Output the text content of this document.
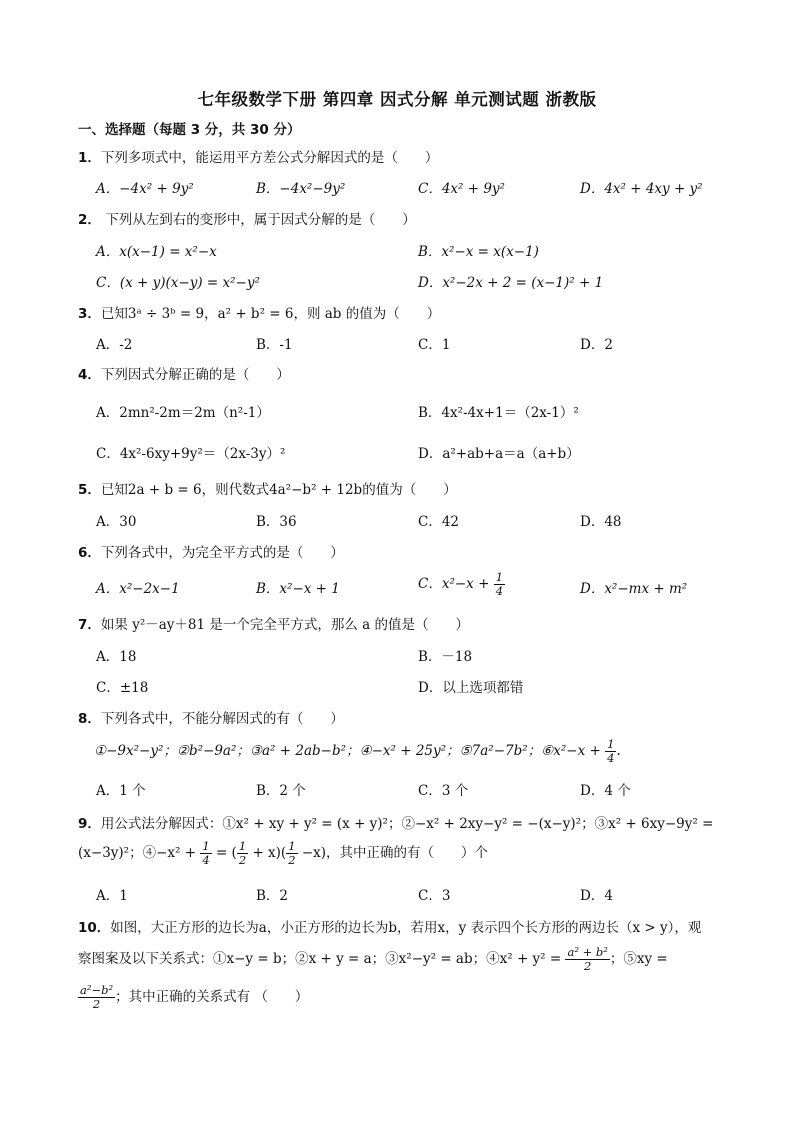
七年级数学下册 第四章 因式分解 单元测试题 浙教版
一、选择题（每题 3 分，共 30 分）
1．下列多项式中，能运用平方差公式分解因式的是（　　）
A．−4x² + 9y²	B．−4x²−9y²	C．4x² + 9y²	D．4x² + 4xy + y²
2． 下列从左到右的变形中，属于因式分解的是（　　）
A．x(x−1) = x²−x	B．x²−x = x(x−1)
C．(x + y)(x−y) = x²−y²	D．x²−2x + 2 = (x−1)² + 1
3．已知3ᵃ ÷ 3ᵇ = 9，a² + b² = 6，则 ab 的值为（　　）
A．-2	B．-1	C．1	D．2
4．下列因式分解正确的是（　　）
A．2mn²-2m＝2m（n²-1）	B．4x²-4x+1＝（2x-1）²
C．4x²-6xy+9y²＝（2x-3y）²	D．a²+ab+a＝a（a+b）
5．已知2a + b = 6，则代数式4a²−b² + 12b的值为（　　）
A．30	B．36	C．42	D．48
6．下列各式中，为完全平方式的是（　　）
A．x²−2x−1	B．x²−x + 1	C．$x^2-x + \frac{1}{4}$	D．x²−mx + m²
7．如果 y²－ay＋81 是一个完全平方式，那么 a 的值是（　　）
A．18	B．－18
C．±18	D．以上选项都错
8．下列各式中，不能分解因式的有（　　）
①−9x²−y²；②b²−9a²；③a² + 2ab−b²；④−x² + 25y²；⑤7a²−7b²；⑥x²−x + $\frac{1}{4}$ .
A．1 个	B．2 个	C．3 个	D．4 个
9．用公式法分解因式：①x² + xy + y² = (x + y)²；②−x² + 2xy−y² = −(x−y)²；③x² + 6xy−9y² =
(x−3y)²；④−x² + $\frac{1}{4}$ = ( $\frac{1}{2} + x)( \frac{1}{2} -x)$，其中正确的有（　　）个
A．1	B．2	C．3	D．4
10．如图，大正方形的边长为a，小正方形的边长为b，若用x，y 表示四个长方形的两边长（x > y），观
察图案及以下关系式：①x−y = b；②x + y = a；③x²−y² = ab；④x² + $y^2 = \frac{\text{a² + b²}}{2}$ ；⑤xy =
$\frac{\text{a²−b²}}{2}$ ；其中正确的关系式有 （　　）
